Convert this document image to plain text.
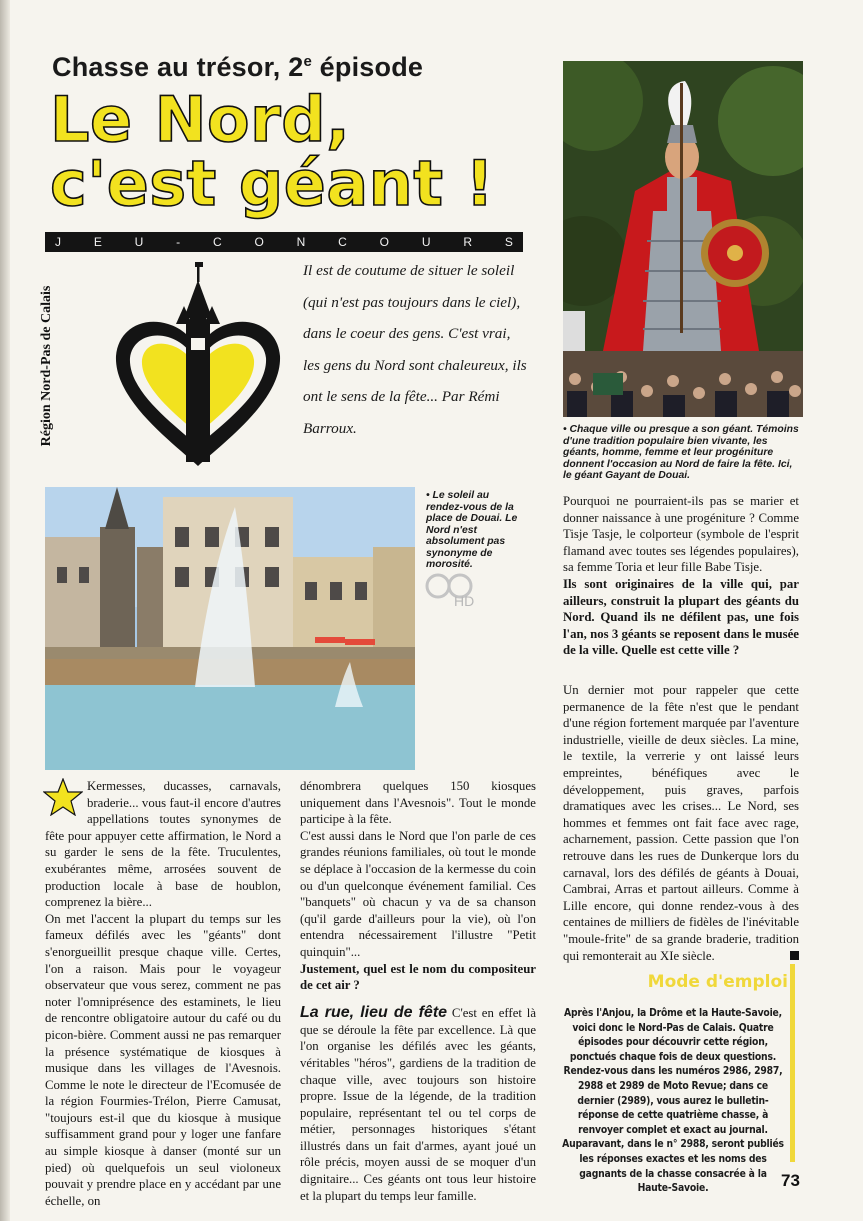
Chasse au trésor, 2e épisode
Le Nord,
c'est géant !
J	E	U	-	C	O	N	C	O	U	R	S
Région Nord-Pas de Calais
Il est de coutume de situer le soleil (qui n'est pas toujours dans le ciel), dans le coeur des gens. C'est vrai, les gens du Nord sont chaleureux, ils ont le sens de la fête... Par Rémi Barroux.	• Chaque ville ou presque a son géant. Témoins d'une tradition populaire bien vivante, les géants, homme, femme et leur progéniture donnent l'occasion au Nord de faire la fête. Ici, le géant Gayant de Douai.
• Le soleil au rendez-vous de la place de Douai. Le Nord n'est absolument pas synonyme de morosité.
HD

Kermesses, ducasses, carnavals, braderie... vous faut-il encore d'autres appellations toutes synonymes de fête pour appuyer cette affirmation, le Nord a su garder le sens de la fête. Truculentes, exubérantes même, arrosées souvent de production locale à base de houblon, comprenez la bière...

On met l'accent la plupart du temps sur les fameux défilés avec les "géants" dont s'enorgueillit presque chaque ville. Certes, l'on a raison. Mais pour le voyageur observateur que vous serez, comment ne pas noter l'omniprésence des estaminets, le lieu de rencontre obligatoire autour du café ou du picon-bière. Comment aussi ne pas remarquer la présence systématique de kiosques à musique dans les villages de l'Avesnois. Comme le note le directeur de l'Ecomusée de la région Fourmies-Trélon, Pierre Camusat, "toujours est-il que du kiosque à musique suffisamment grand pour y loger une fanfare au simple kiosque à danser (monté sur un pied) où quelquefois un seul violoneux pouvait y prendre place en y accédant par une échelle, on

dénombrera quelques 150 kiosques uniquement dans l'Avesnois". Tout le monde participe à la fête.

C'est aussi dans le Nord que l'on parle de ces grandes réunions familiales, où tout le monde se déplace à l'occasion de la kermesse du coin ou d'un quelconque événement familial. Ces "banquets" où chacun y va de sa chanson (qu'il garde d'ailleurs pour la vie), où l'on entendra nécessairement l'illustre "Petit quinquin"...

Justement, quel est le nom du compositeur de cet air ?

La rue, lieu de fête C'est en effet là que se déroule la fête par excellence. Là que l'on organise les défilés avec les géants, véritables "héros", gardiens de la tradition de chaque ville, avec toujours son histoire propre. Issue de la légende, de la tradition populaire, représentant tel ou tel corps de métier, personnages historiques s'étant illustrés dans un fait d'armes, ayant joué un rôle précis, moyen aussi de se moquer d'un dignitaire... Ces géants ont tous leur histoire et la plupart du temps leur famille.

Pourquoi ne pourraient-ils pas se marier et donner naissance à une progéniture ? Comme Tisje Tasje, le colporteur (symbole de l'esprit flamand avec toutes ses légendes populaires), sa femme Toria et leur fille Babe Tisje.

Ils sont originaires de la ville qui, par ailleurs, construit la plupart des géants du Nord. Quand ils ne défilent pas, une fois l'an, nos 3 géants se reposent dans le musée de la ville. Quelle est cette ville ?

Un dernier mot pour rappeler que cette permanence de la fête n'est que le pendant d'une région fortement marquée par l'aventure industrielle, vieille de deux siècles. La mine, le textile, la verrerie y ont laissé leurs empreintes, bénéfiques avec le développement, puis graves, parfois dramatiques avec les crises... Le Nord, ses hommes et femmes ont fait face avec rage, acharnement, passion. Cette passion que l'on retrouve dans les rues de Dunkerque lors du carnaval, lors des défilés de géants à Douai, Cambrai, Arras et partout ailleurs. Comme à Lille encore, qui donne rendez-vous à des centaines de milliers de fidèles de l'inévitable "moule-frite" de sa grande braderie, tradition qui remonterait au XIe siècle.

Mode d'emploi
Après l'Anjou, la Drôme et la Haute-Savoie, voici donc le Nord-Pas de Calais. Quatre épisodes pour découvrir cette région, ponctués chaque fois de deux questions. Rendez-vous dans les numéros 2986, 2987, 2988 et 2989 de Moto Revue; dans ce dernier (2989), vous aurez le bulletin-réponse de cette quatrième chasse, à renvoyer complet et exact au journal. Auparavant, dans le n° 2988, seront publiés les réponses exactes et les noms des gagnants de la chasse consacrée à la Haute-Savoie.	73
